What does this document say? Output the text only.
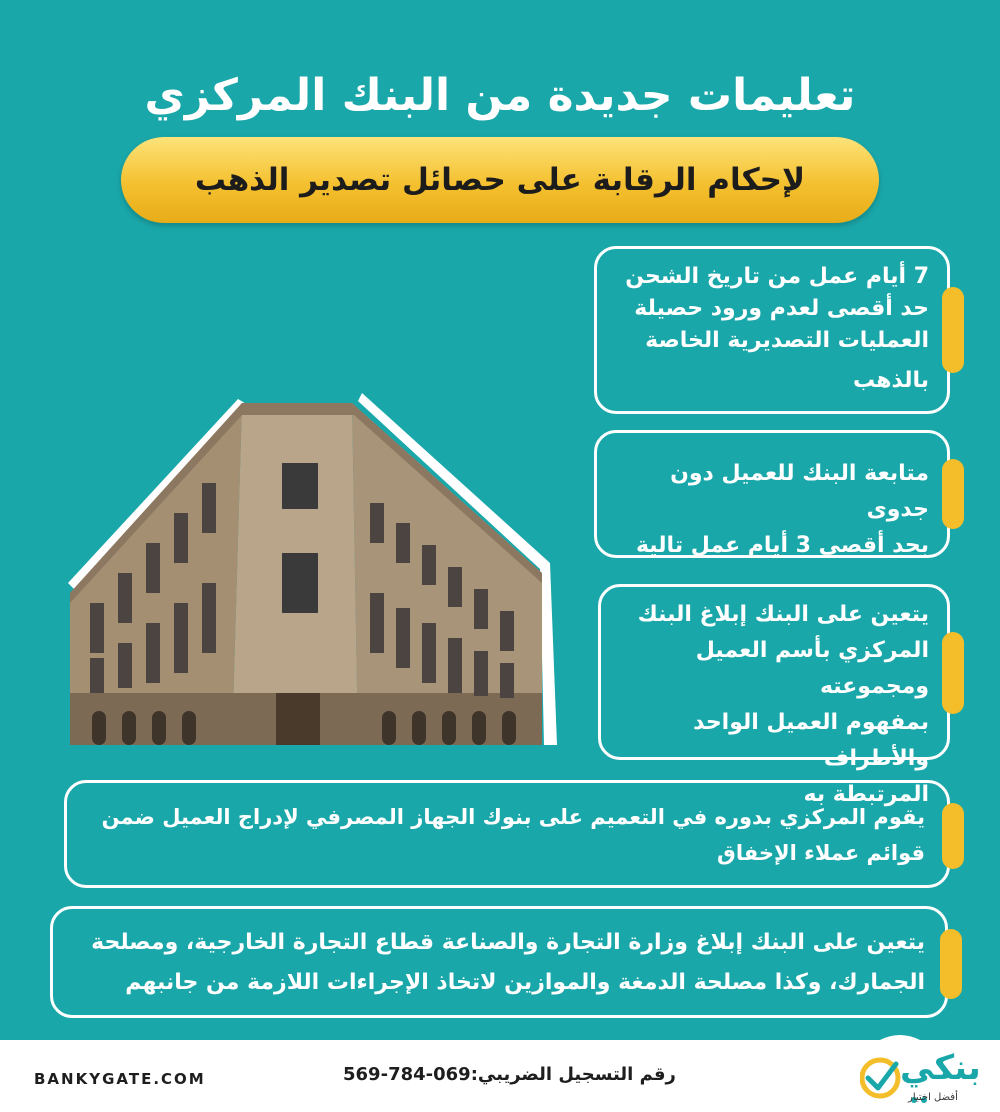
تعليمات جديدة من البنك المركزي
لإحكام الرقابة على حصائل تصدير الذهب
7 أيام عمل من تاريخ الشحن
حد أقصى لعدم ورود حصيلة
العمليات التصديرية الخاصة
بالذهب
متابعة البنك للعميل دون جدوى
بحد أقصى 3 أيام عمل تالية
يتعين على البنك إبلاغ البنك
المركزي بأسم العميل ومجموعته
بمفهوم العميل الواحد والأطراف
المرتبطة به
يقوم المركزي بدوره في التعميم على بنوك الجهاز المصرفي لإدراج العميل ضمن
قوائم عملاء الإخفاق
يتعين على البنك إبلاغ وزارة التجارة والصناعة قطاع التجارة الخارجية، ومصلحة
الجمارك، وكذا مصلحة الدمغة والموازين لاتخاذ الإجراءات اللازمة من جانبهم
BANKYGATE.COM	رقم التسجيل الضريبي:069-784-569	بنكي
أفضل اختيار
